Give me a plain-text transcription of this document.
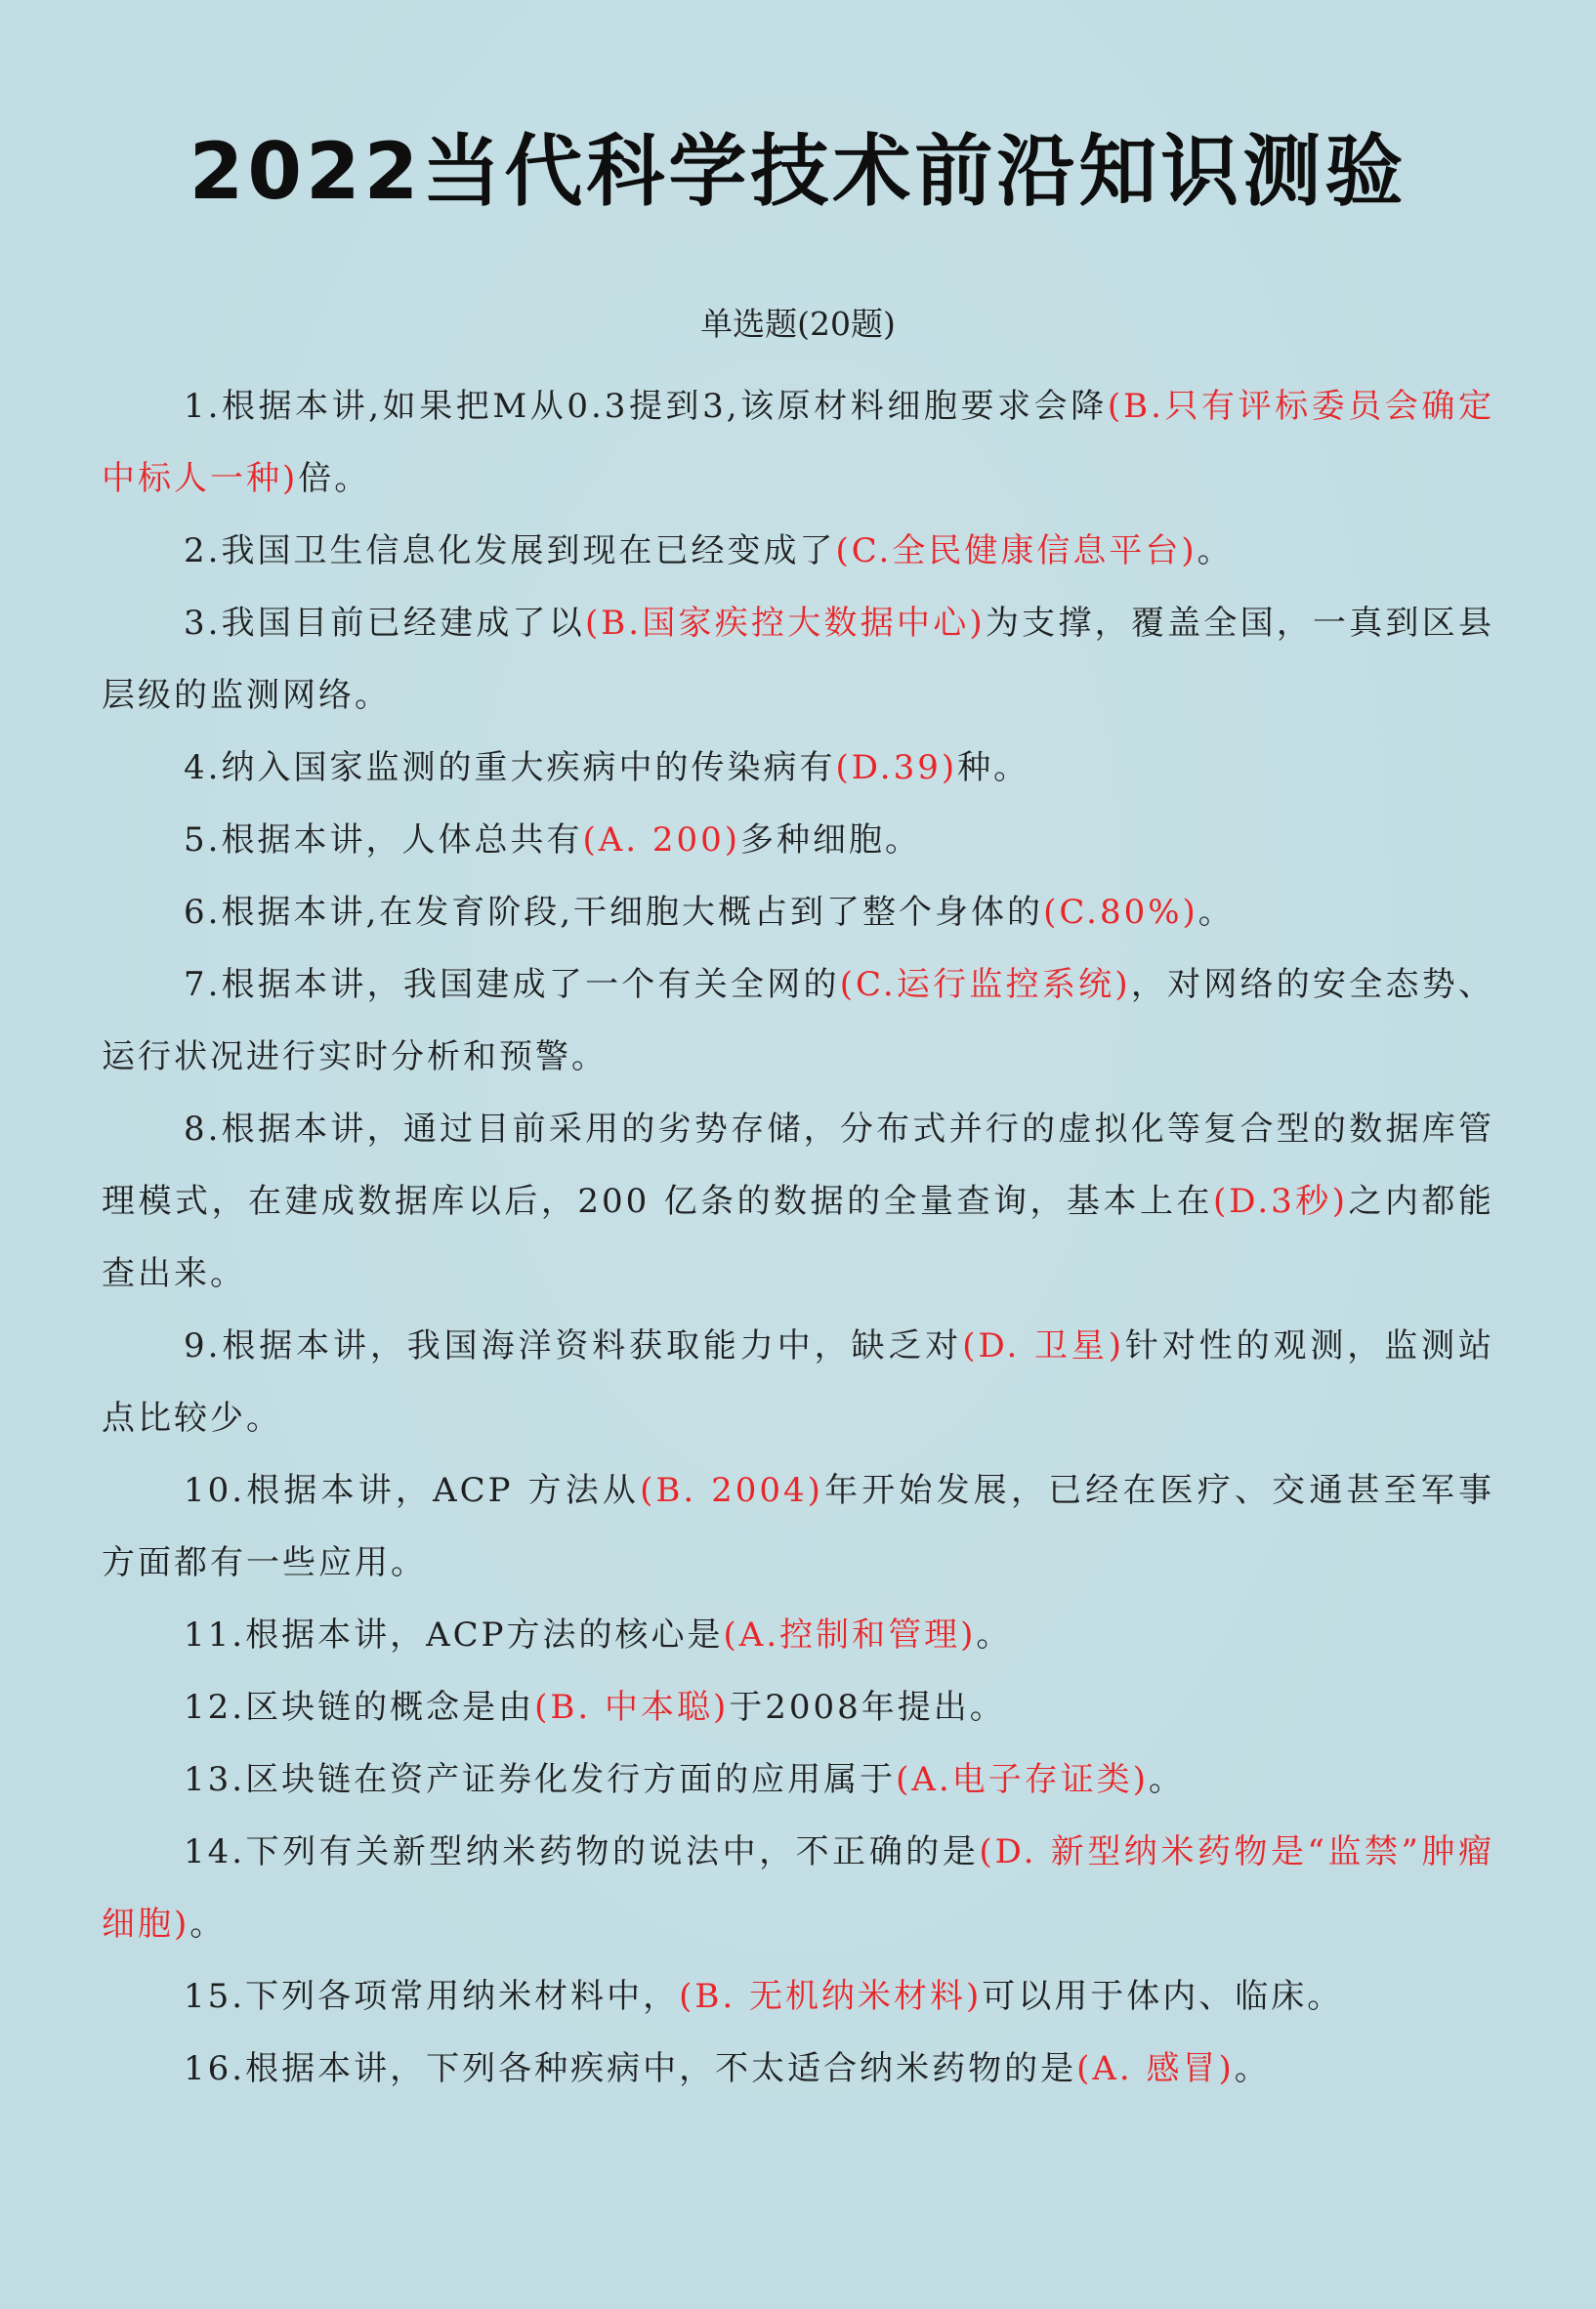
2022当代科学技术前沿知识测验
单选题(20题)
1.根据本讲,如果把M从0.3提到3,该原材料细胞要求会降(B.只有评标委员会确定中标人一种)倍。
2.我国卫生信息化发展到现在已经变成了(C.全民健康信息平台)。
3.我国目前已经建成了以(B.国家疾控大数据中心)为支撑，覆盖全国，一真到区县层级的监测网络。
4.纳入国家监测的重大疾病中的传染病有(D.39)种。
5.根据本讲，人体总共有(A. 200)多种细胞。
6.根据本讲,在发育阶段,干细胞大概占到了整个身体的(C.80%)。
7.根据本讲，我国建成了一个有关全网的(C.运行监控系统)，对网络的安全态势、运行状况进行实时分析和预警。
8.根据本讲，通过目前采用的劣势存储，分布式并行的虚拟化等复合型的数据库管理模式，在建成数据库以后，200 亿条的数据的全量查询，基本上在(D.3秒)之内都能查出来。
9.根据本讲，我国海洋资料获取能力中，缺乏对(D. 卫星)针对性的观测，监测站点比较少。
10.根据本讲，ACP 方法从(B. 2004)年开始发展，已经在医疗、交通甚至军事方面都有一些应用。
11.根据本讲，ACP方法的核心是(A.控制和管理)。
12.区块链的概念是由(B. 中本聪)于2008年提出。
13.区块链在资产证券化发行方面的应用属于(A.电子存证类)。
14.下列有关新型纳米药物的说法中，不正确的是(D. 新型纳米药物是“监禁”肿瘤细胞)。
15.下列各项常用纳米材料中，(B. 无机纳米材料)可以用于体内、临床。
16.根据本讲，下列各种疾病中，不太适合纳米药物的是(A. 感冒)。
